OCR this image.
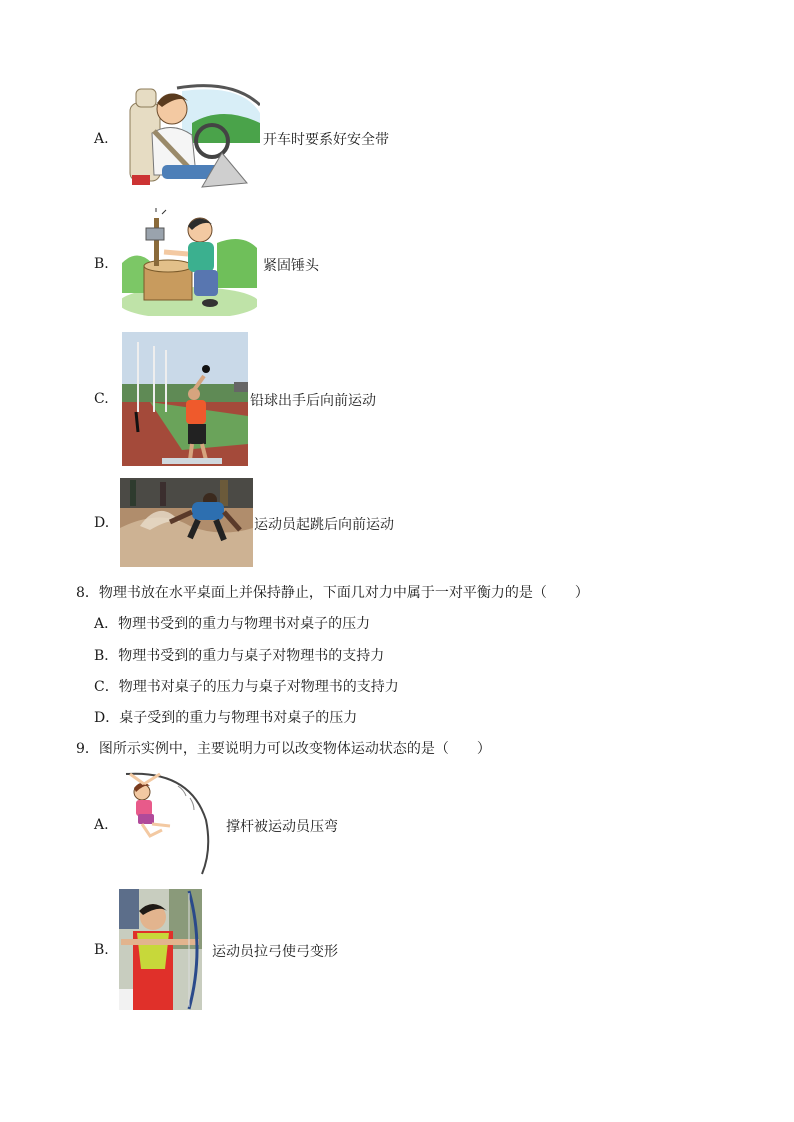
A.	开车时要系好安全带
B.	紧固锤头
C.	铅球出手后向前运动
D.	运动员起跳后向前运动
8．物理书放在水平桌面上并保持静止，下面几对力中属于一对平衡力的是（　　）
A．物理书受到的重力与物理书对桌子的压力
B．物理书受到的重力与桌子对物理书的支持力
C．物理书对桌子的压力与桌子对物理书的支持力
D．桌子受到的重力与物理书对桌子的压力
9．图所示实例中，主要说明力可以改变物体运动状态的是（　　）
A.	撑杆被运动员压弯
B.	运动员拉弓使弓变形
